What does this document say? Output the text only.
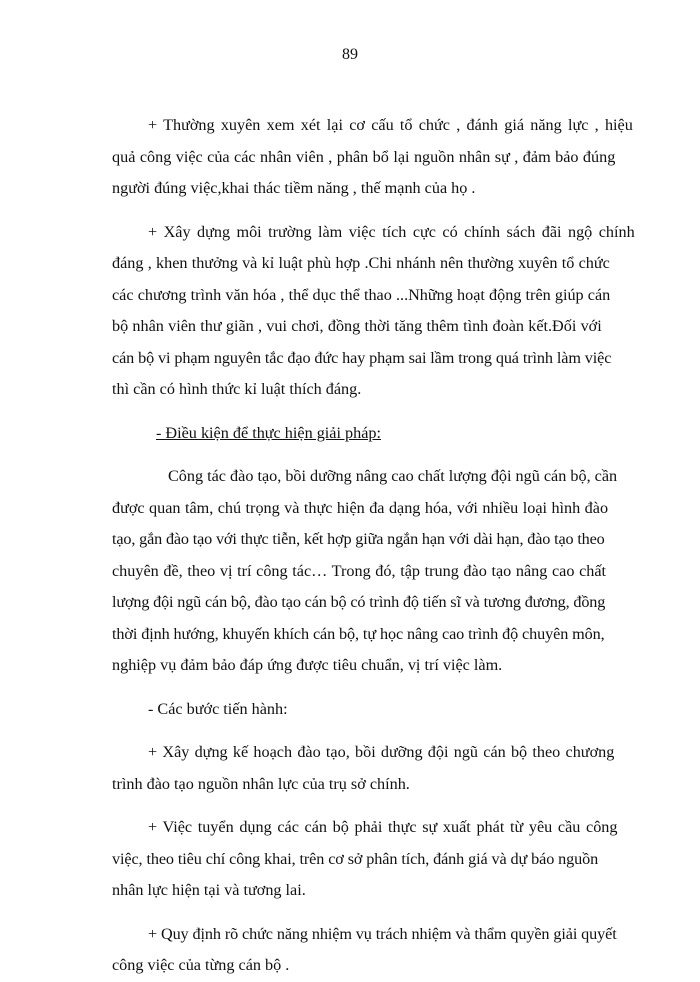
89
+ Thường xuyên xem xét lại cơ cấu tổ chức , đánh giá năng lực , hiệu
quả công việc của các nhân viên , phân bổ lại nguồn nhân sự , đảm bảo đúng
người đúng việc,khai thác tiềm năng , thế mạnh của họ .
+ Xây dựng môi trường làm việc tích cực có chính sách đãi ngộ chính
đáng , khen thưởng và kỉ luật phù hợp .Chi nhánh nên thường xuyên tổ chức
các chương trình văn hóa , thể dục thể thao ...Những hoạt động trên giúp cán
bộ nhân viên thư giãn , vui chơi, đồng thời tăng thêm tình đoàn kết.Đối với
cán bộ vi phạm nguyên tắc đạo đức hay phạm sai lầm trong quá trình làm việc
thì cần có hình thức kỉ luật thích đáng.
- Điều kiện để thực hiện giải pháp:
Công tác đào tạo, bồi dưỡng nâng cao chất lượng đội ngũ cán bộ, cần
được quan tâm, chú trọng và thực hiện đa dạng hóa, với nhiều loại hình đào
tạo, gắn đào tạo với thực tiễn, kết hợp giữa ngắn hạn với dài hạn, đào tạo theo
chuyên đề, theo vị trí công tác… Trong đó, tập trung đào tạo nâng cao chất
lượng đội ngũ cán bộ, đào tạo cán bộ có trình độ tiến sĩ và tương đương, đồng
thời định hướng, khuyến khích cán bộ, tự học nâng cao trình độ chuyên môn,
nghiệp vụ đảm bảo đáp ứng được tiêu chuẩn, vị trí việc làm.
- Các bước tiến hành:
+ Xây dựng kế hoạch đào tạo, bồi dưỡng đội ngũ cán bộ theo chương
trình đào tạo nguồn nhân lực của trụ sở chính.
+ Việc tuyển dụng các cán bộ phải thực sự xuất phát từ yêu cầu công
việc, theo tiêu chí công khai, trên cơ sở phân tích, đánh giá và dự báo nguồn
nhân lực hiện tại và tương lai.
+ Quy định rõ chức năng nhiệm vụ trách nhiệm và thẩm quyền giải quyết
công việc của từng cán bộ .
